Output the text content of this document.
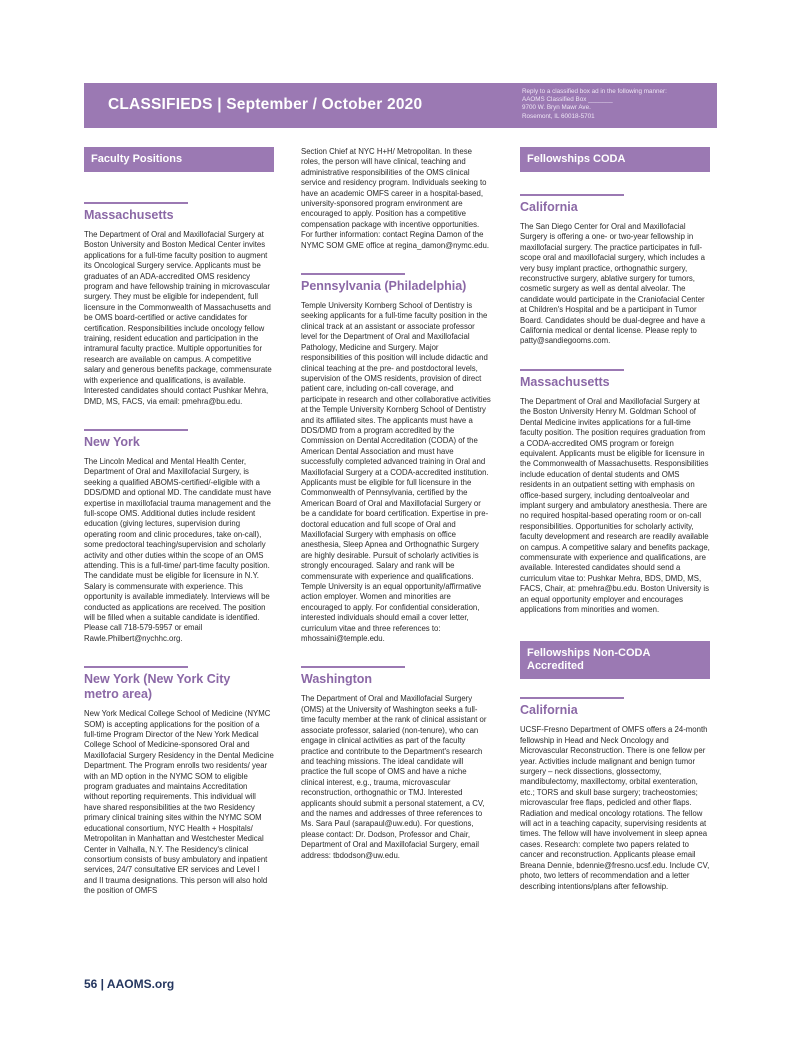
CLASSIFIEDS | September / October 2020
Reply to a classified box ad in the following manner:
AAOMS Classified Box _______
9700 W. Bryn Mawr Ave.
Rosemont, IL 60018-5701
Faculty Positions
Massachusetts

The Department of Oral and Maxillofacial Surgery at Boston University and Boston Medical Center invites applications for a full-time faculty position to augment its Oncological Surgery service. Applicants must be graduates of an ADA-accredited OMS residency program and have fellowship training in microvascular surgery. They must be eligible for independent, full licensure in the Commonwealth of Massachusetts and be OMS board-certified or active candidates for certification. Responsibilities include oncology fellow training, resident education and participation in the intramural faculty practice. Multiple opportunities for research are available on campus. A competitive salary and generous benefits package, commensurate with experience and qualifications, is available. Interested candidates should contact Pushkar Mehra, DMD, MS, FACS, via email: pmehra@bu.edu.

New York

The Lincoln Medical and Mental Health Center, Department of Oral and Maxillofacial Surgery, is seeking a qualified ABOMS-certified/-eligible with a DDS/DMD and optional MD. The candidate must have expertise in maxillofacial trauma management and the full-scope OMS. Additional duties include resident education (giving lectures, supervision during operating room and clinic procedures, take on-call), some predoctoral teaching/supervision and scholarly activity and other duties within the scope of an OMS attending. This is a full-time/ part-time faculty position. The candidate must be eligible for licensure in N.Y. Salary is commensurate with experience. This opportunity is available immediately. Interviews will be conducted as applications are received. The position will be filled when a suitable candidate is identified. Please call 718-579-5957 or email Rawle.Philbert@nychhc.org.

New York (New York City metro area)

New York Medical College School of Medicine (NYMC SOM) is accepting applications for the position of a full-time Program Director of the New York Medical College School of Medicine-sponsored Oral and Maxillofacial Surgery Residency in the Dental Medicine Department. The Program enrolls two residents/ year with an MD option in the NYMC SOM to eligible program graduates and maintains Accreditation without reporting requirements. This individual will have shared responsibilities at the two Residency primary clinical training sites within the NYMC SOM educational consortium, NYC Health + Hospitals/ Metropolitan in Manhattan and Westchester Medical Center in Valhalla, N.Y. The Residency's clinical consortium consists of busy ambulatory and inpatient services, 24/7 consultative ER services and Level I and II trauma designations. This person will also hold the position of OMFS

Section Chief at NYC H+H/ Metropolitan. In these roles, the person will have clinical, teaching and administrative responsibilities of the OMS clinical service and residency program. Individuals seeking to have an academic OMFS career in a hospital-based, university-sponsored program environment are encouraged to apply. Position has a competitive compensation package with incentive opportunities. For further information: contact Regina Damon of the NYMC SOM GME office at regina_damon@nymc.edu.

Pennsylvania (Philadelphia)

Temple University Kornberg School of Dentistry is seeking applicants for a full-time faculty position in the clinical track at an assistant or associate professor level for the Department of Oral and Maxillofacial Pathology, Medicine and Surgery. Major responsibilities of this position will include didactic and clinical teaching at the pre- and postdoctoral levels, supervision of the OMS residents, provision of direct patient care, including on-call coverage, and participate in research and other collaborative activities at the Temple University Kornberg School of Dentistry and its affiliated sites. The applicants must have a DDS/DMD from a program accredited by the Commission on Dental Accreditation (CODA) of the American Dental Association and must have successfully completed advanced training in Oral and Maxillofacial Surgery at a CODA-accredited institution. Applicants must be eligible for full licensure in the Commonwealth of Pennsylvania, certified by the American Board of Oral and Maxillofacial Surgery or be a candidate for board certification. Expertise in pre-doctoral education and full scope of Oral and Maxillofacial Surgery with emphasis on office anesthesia, Sleep Apnea and Orthognathic Surgery are highly desirable. Pursuit of scholarly activities is strongly encouraged. Salary and rank will be commensurate with experience and qualifications. Temple University is an equal opportunity/affirmative action employer. Women and minorities are encouraged to apply. For confidential consideration, interested individuals should email a cover letter, curriculum vitae and three references to: mhossaini@temple.edu.

Washington

The Department of Oral and Maxillofacial Surgery (OMS) at the University of Washington seeks a full-time faculty member at the rank of clinical assistant or associate professor, salaried (non-tenure), who can engage in clinical activities as part of the faculty practice and contribute to the Department's research and teaching missions. The ideal candidate will practice the full scope of OMS and have a niche clinical interest, e.g., trauma, microvascular reconstruction, orthognathic or TMJ. Interested applicants should submit a personal statement, a CV, and the names and addresses of three references to Ms. Sara Paul (sarapaul@uw.edu). For questions, please contact: Dr. Dodson, Professor and Chair, Department of Oral and Maxillofacial Surgery, email address: tbdodson@uw.edu.

Fellowships CODA
California

The San Diego Center for Oral and Maxillofacial Surgery is offering a one- or two-year fellowship in maxillofacial surgery. The practice participates in full-scope oral and maxillofacial surgery, which includes a very busy implant practice, orthognathic surgery, reconstructive surgery, ablative surgery for tumors, cosmetic surgery as well as dental alveolar. The candidate would participate in the Craniofacial Center at Children's Hospital and be a participant in Tumor Board. Candidates should be dual-degree and have a California medical or dental license. Please reply to patty@sandiegooms.com.

Massachusetts

The Department of Oral and Maxillofacial Surgery at the Boston University Henry M. Goldman School of Dental Medicine invites applications for a full-time faculty position. The position requires graduation from a CODA-accredited OMS program or foreign equivalent. Applicants must be eligible for licensure in the Commonwealth of Massachusetts. Responsibilities include education of dental students and OMS residents in an outpatient setting with emphasis on office-based surgery, including dentoalveolar and implant surgery and ambulatory anesthesia. There are no required hospital-based operating room or on-call responsibilities. Opportunities for scholarly activity, faculty development and research are readily available on campus. A competitive salary and benefits package, commensurate with experience and qualifications, are available. Interested candidates should send a curriculum vitae to: Pushkar Mehra, BDS, DMD, MS, FACS, Chair, at: pmehra@bu.edu. Boston University is an equal opportunity employer and encourages applications from minorities and women.

Fellowships Non-CODA Accredited
California

UCSF-Fresno Department of OMFS offers a 24-month fellowship in Head and Neck Oncology and Microvascular Reconstruction. There is one fellow per year. Activities include malignant and benign tumor surgery – neck dissections, glossectomy, mandibulectomy, maxillectomy, orbital exenteration, etc.; TORS and skull base surgery; tracheostomies; microvascular free flaps, pedicled and other flaps. Radiation and medical oncology rotations. The fellow will act in a teaching capacity, supervising residents at times. The fellow will have involvement in sleep apnea cases. Research: complete two papers related to cancer and reconstruction. Applicants please email Breana Dennie, bdennie@fresno.ucsf.edu. Include CV, photo, two letters of recommendation and a letter describing intentions/plans after fellowship.

56 | AAOMS.org
